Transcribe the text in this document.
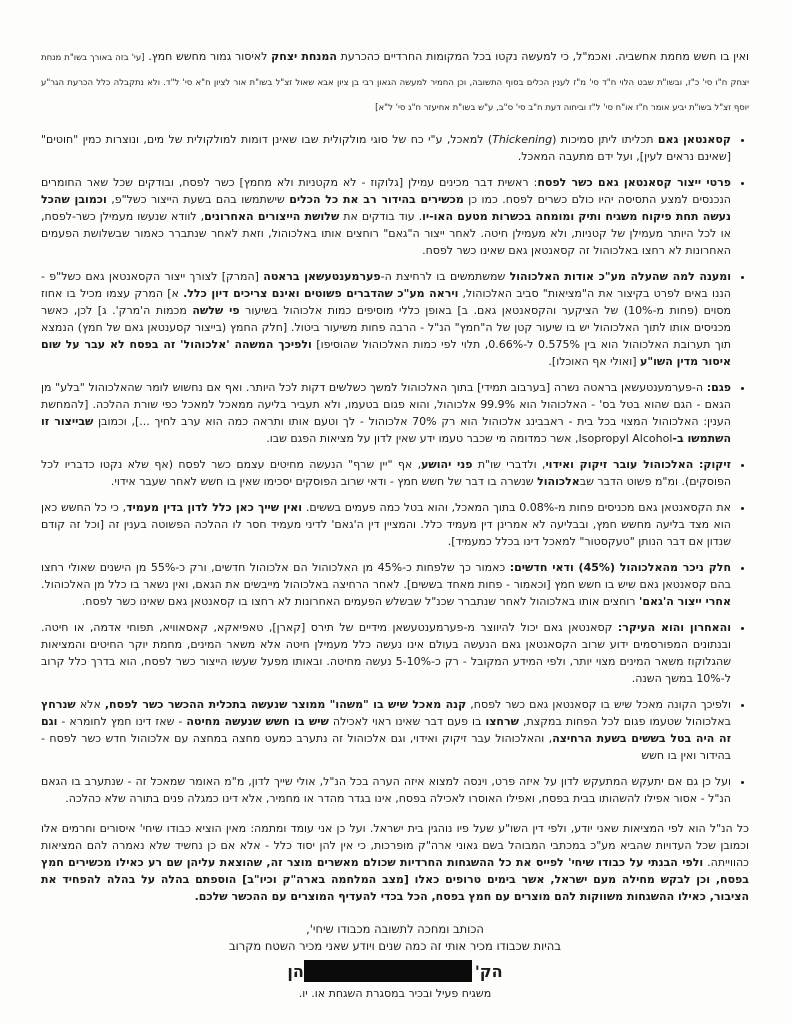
ואין בו חשש מחמת אחשביה. ואכמ"ל, כי למעשה נקטו בכל המקומות החרדיים כהכרעת המנחת יצחק לאיסור גמור מחשש חמץ. [עי' בזה באורך בשו"ת מנחת יצחק ח"ו סי' כ"ז, ובשו"ת שבט הלוי ח"ד סי' מ"ז לענין הכלים בסוף התשובה, וכן החמיר למעשה הגאון רבי בן ציון אבא שאול זצ"ל בשו"ת אור לציון ח"א סי' ל"ד. ולא נתקבלה כלל הכרעת הגר"ע יוסף זצ"ל בשו"ת יביע אומר ח"ז או"ח סי' ל"ז וביחוה דעת ח"ב סי' ס"ב, ע"ש בשו"ת אחיעזר ח"ג סי' ל"א]

• קסאנטאן גאם תכליתו ליתן סמיכות (Thickening) למאכל, ע"י כח של סוגי מולקולית שבו שאינן דומות למולקולית של מים, ונוצרות כמין "חוטים" [שאינם נראים לעין], ועל ידם מתעבה המאכל.
• פרטי ייצור קסאנטאן גאם כשר לפסח: ראשית דבר מכינים עמילן [גלוקוז - לא מקטניות ולא מחמץ] כשר לפסח, ובודקים שכל שאר החומרים הנכנסים למצע התסיסה יהיו כולם כשרים לפסח. כמו כן מכשירים בהידור רב את כל הכלים שישתמשו בהם בשעת הייצור כשל"פ, וכמובן שהכל נעשה תחת פיקוח משגיח ותיק ומומחה בכשרות מטעם האו-יו. עוד בודקים את שלושת הייצורים האחרונים, לוודא שנעשו מעמילן כשר-לפסח, או לכל היותר מעמילן של קטניות, ולא מעמילן חיטה. לאחר ייצור ה"גאם" רוחצים אותו באלכוהול, וזאת לאחר שנתברר כאמור שבשלושת הפעמים האחרונות לא רחצו באלכוהול זה קסאנטאן גאם שאינו כשר לפסח.
• ומענה למה שהעלה מע"כ אודות האלכוהול שמשתמשים בו לרחיצת ה-פערמענטעשאן בראטה [המרק] לצורך ייצור הקסאנטאן גאם כשל"פ - הננו באים לפרט בקיצור את ה"מציאות" סביב האלכוהול, ויראה מע"כ שהדברים פשוטים ואינם צריכים דיון כלל. א] המרק עצמו מכיל בו אחוז מסוים (פחות מ-10%) של הציקער והקסאנטאן גאם. ב] באופן כללי מוסיפים כמות אלכוהול בשיעור פי שלשה מכמות ה'מרק'. ג] לכן, כאשר מכניסים אותו לתוך האלכוהול יש בו שיעור קטן של ה"חמץ" הנ"ל - הרבה פחות משיעור ביטול. [חלק החמץ (בייצור קסענטאן גאם של חמץ) הנמצא תוך תערובת האלכוהול הוא בין 0.575% ל-0.66%, תלוי לפי כמות האלכוהול שהוסיפו] ולפיכך המשהה 'אלכוהול' זה בפסח לא עבר על שום איסור מדין השו"ע [ואולי אף האוכלו].
• פגם: ה-פערמענטעשאן בראטה נשרה [בערבוב תמידי] בתוך האלכוהול למשך כשלשים דקות לכל היותר. ואף אם נחשוש לומר שהאלכוהול "בלע" מן הגאם - הגם שהוא בטל בס' - האלכוהול הוא 99.9% אלכוהול, והוא פגום בטעמו, ולא תעביר בליעה ממאכל למאכל כפי שורת ההלכה. [להמחשת הענין: האלכוהול המצוי בכל בית - ראבבינג אלכוהול הוא רק 70% אלכוהול - לך וטעם אותו ותראה כמה הוא ערב לחיך ...], וכמובן שבייצור זו השתמשו ב-Isopropyl Alcohol, אשר כמדומה מי שכבר טעמו ידע שאין לדון על מציאות הפגם שבו.
• זיקוק: האלכוהול עובר זיקוק ואידוי, ולדברי שו"ת פני יהושע, אף "יין שרף" הנעשה מחיטים עצמם כשר לפסח (אף שלא נקטו כדבריו לכל הפוסקים). ומ"מ פשוט הדבר שבאלכוהול שנשרה בו דבר של חשש חמץ - ודאי שרוב הפוסקים יסכימו שאין בו חשש לאחר שעבר אידוי.
• את הקסאנטאן גאם מכניסים פחות מ-0.08% בתוך המאכל, והוא בטל כמה פעמים בששים. ואין שייך כאן כלל לדון בדין מעמיד, כי כל החשש כאן הוא מצד בליעה מחשש חמץ, ובבליעה לא אמרינן דין מעמיד כלל. והמציין דין ה'גאם' לדיני מעמיד חסר לו ההלכה הפשוטה בענין זה [וכל זה קודם שנדון אם דבר הנותן "טעקסטור" למאכל דינו בכלל כמעמיד].
• חלק ניכר מהאלכוהול (45%) ודאי חדשים: כאמור כך שלפחות כ-45% מן האלכוהול הם אלכוהול חדשים, ורק כ-55% מן הישנים שאולי רחצו בהם קסאנטאן גאם שיש בו חשש חמץ [וכאמור - פחות מאחד בששים]. לאחר הרחיצה באלכוהול מייבשים את הגאם, ואין נשאר בו כלל מן האלכוהול. אחרי ייצור ה'גאם' רוחצים אותו באלכוהול לאחר שנתברר שכנ"ל שבשלש הפעמים האחרונות לא רחצו בו קסאנטאן גאם שאינו כשר לפסח.
• והאחרון והוא העיקר: קסאנטאן גאם יכול להיווצר מ-פערמענטעשאן מידיים של תירס [קארן], טאפיאקא, קאסאוויא, תפוחי אדמה, או חיטה. ובנתונים המפורסמים ידוע שרוב הקסאנטאן גאם הנעשה בעולם אינו נעשה כלל מעמילן חיטה אלא משאר המינים, מחמת יוקר החיטים והמציאות שהגלוקוז משאר המינים מצוי יותר, ולפי המידע המקובל - רק כ-5-10% נעשה מחיטה. ובאותו מפעל שעשו הייצור כשר לפסח, הוא בדרך כלל קרוב ל-10% במשך השנה.
• ולפיכך הקונה מאכל שיש בו קסאנטאן גאם כשר לפסח, קנה מאכל שיש בו "משהו" ממוצר שנעשה בתכלית ההכשר כשר לפסח, אלא שנרחץ באלכוהול שטעמו פגום לכל הפחות במקצת, שרחצו בו פעם דבר שאינו ראוי לאכילה שיש בו חשש שנעשה מחיטה - שאז דינו חמץ לחומרא - וגם זה היה בטל בששים בשעת הרחיצה, והאלכוהול עבר זיקוק ואידוי, וגם אלכוהול זה נתערב כמעט מחצה במחצה עם אלכוהול חדש כשר לפסח - בהידור ואין בו חשש
• ועל כן גם אם יתעקש המתעקש לדון על איזה פרט, וינסה למצוא איזה הערה בכל הנ"ל, אולי שייך לדון, מ"מ האומר שמאכל זה - שנתערב בו הגאם הנ"ל - אסור אפילו להשהותו בבית בפסח, ואפילו האוסרו לאכילה בפסח, אינו בגדר מהדר או מחמיר, אלא דינו כמגלה פנים בתורה שלא כהלכה.

כל הנ"ל הוא לפי המציאות שאני יודע, ולפי דין השו"ע שעל פיו נוהגין בית ישראל. ועל כן אני עומד ומתמה: מאין הוציא כבודו שיחי' איסורים וחרמים אלו וכמובן שכל העדויות שהביא מע"כ במכתבי המבוהל בשם גאוני ארה"ק מופרכות, כי אין להן יסוד כלל - אלא אם כן נחשיד שלא נאמרה להם המציאות כהווייתה. ולפי הבנתי על כבודו שיחי' לפייס את כל ההשגחות החרדיות שכולם מאשרים מוצר זה, שהוצאת עליהן שם רע כאילו מכשירים חמץ בפסח, וכן לבקש מחילה מעם ישראל, אשר בימים טרופים כאלו [מצב המלחמה בארה"ק וכיו"ב] הוספתם בהלה על בהלה להפחיד את הציבור, כאילו ההשגחות משווקות להם מוצרים עם חמץ בפסח, הכל בכדי להעדיף המוצרים עם ההכשר שלכם.

הכותב ומחכה לתשובה מכבודו שיחי',
בהיות שכבודו מכיר אותי זה כמה שנים ויודע שאני מכיר השטח מקרוב
הק'
הן
משגיח פעיל ובכיר במסגרת השגחת או. יו.
